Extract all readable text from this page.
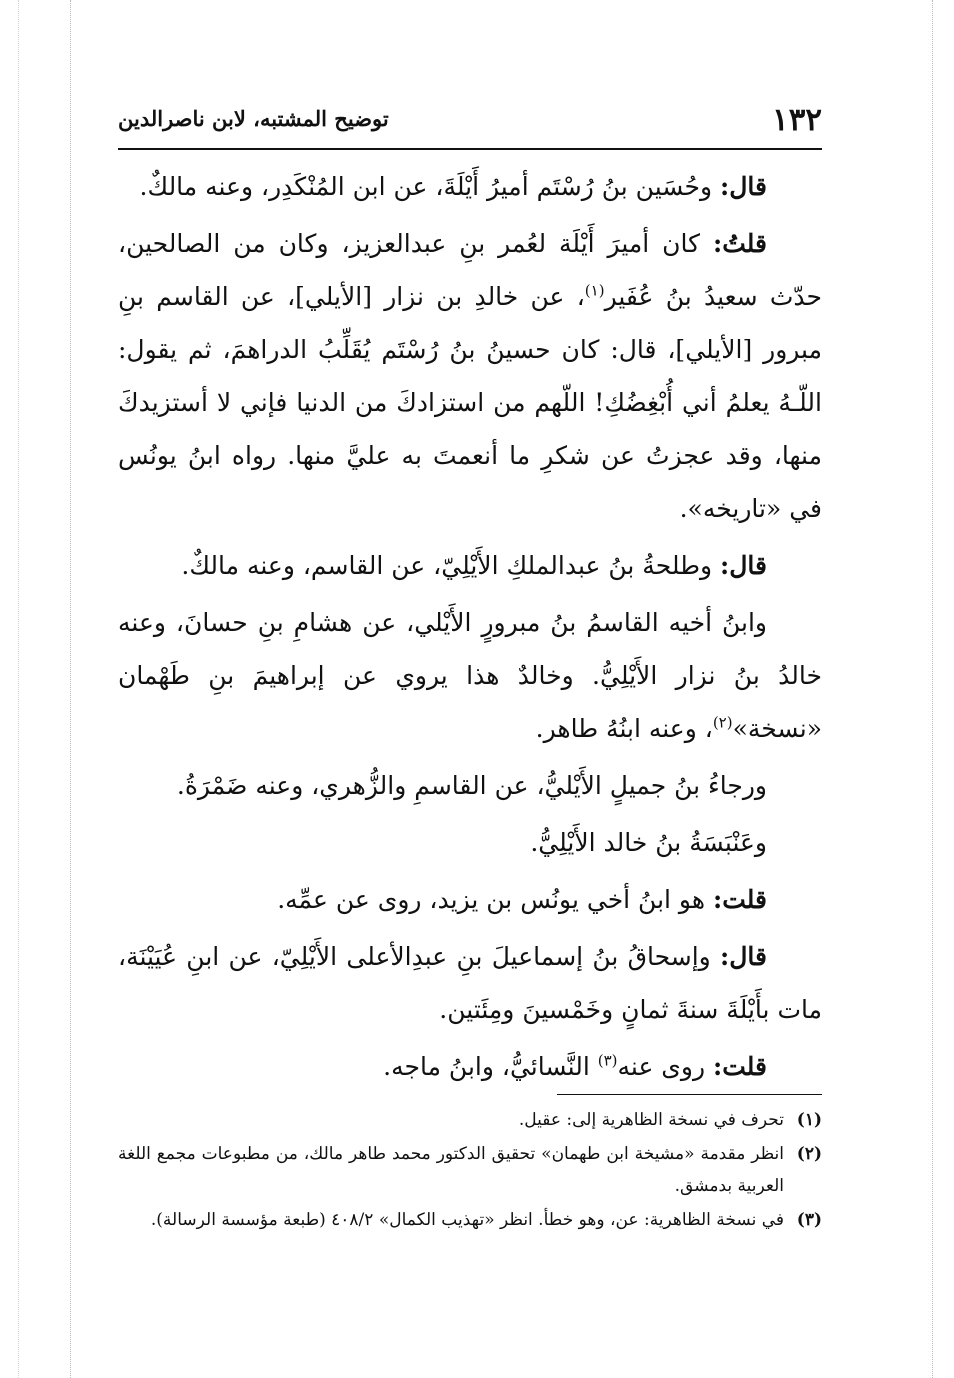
١٣٢
توضيح المشتبه، لابن ناصرالدين

قال: وحُسَين بنُ رُسْتَم أميرُ أَيْلَةَ، عن ابن المُنْكَدِر، وعنه مالكٌ.

قلتُ: كان أميرَ أَيْلَة لعُمر بنِ عبدالعزيز، وكان من الصالحين، حدّث سعيدُ بنُ عُفَير$^{(١)}$، عن خالدِ بن نزار [الأيلي]، عن القاسم بنِ مبرور [الأيلي]، قال: كان حسينُ بنُ رُسْتَم يُقَلِّبُ الدراهمَ، ثم يقول: اللّـهُ يعلمُ أني أُبْغِضُكِ! اللّهم من استزادكَ من الدنيا فإني لا أستزيدكَ منها، وقد عجزتُ عن شكرِ ما أنعمتَ به عليَّ منها. رواه ابنُ يونُس في «تاريخه».

قال: وطلحةُ بنُ عبدالملكِ الأَيْلِيّ، عن القاسم، وعنه مالكٌ.

وابنُ أخيه القاسمُ بنُ مبرورٍ الأَيْلي، عن هشامِ بنِ حسانَ، وعنه خالدُ بنُ نزار الأَيْلِيُّ. وخالدٌ هذا يروي عن إبراهيمَ بنِ طَهْمان «نسخة»$^{(٢)}$، وعنه ابنُهُ طاهر.

ورجاءُ بنُ جميلٍ الأَيْليُّ، عن القاسمِ والزُّهري، وعنه ضَمْرَةُ.

وعَنْبَسَةُ بنُ خالد الأَيْلِيُّ.

قلت: هو ابنُ أخي يونُس بن يزيد، روى عن عمِّه.

قال: وإسحاقُ بنُ إسماعيلَ بنِ عبدِالأعلى الأَيْلِيّ، عن ابنِ عُيَيْنَة، مات بأَيْلَةَ سنةَ ثمانٍ وخَمْسينَ ومِئَتين.

قلت: روى عنه$^{(٣)}$ النَّسائيُّ، وابنُ ماجه.

(١)
تحرف في نسخة الظاهرية إلى: عقيل.

(٢)
انظر مقدمة «مشيخة ابن طهمان» تحقيق الدكتور محمد طاهر مالك، من مطبوعات مجمع اللغة العربية بدمشق.

(٣)
في نسخة الظاهرية: عن، وهو خطأ. انظر «تهذيب الكمال» ٤٠٨/٢ (طبعة مؤسسة الرسالة).
